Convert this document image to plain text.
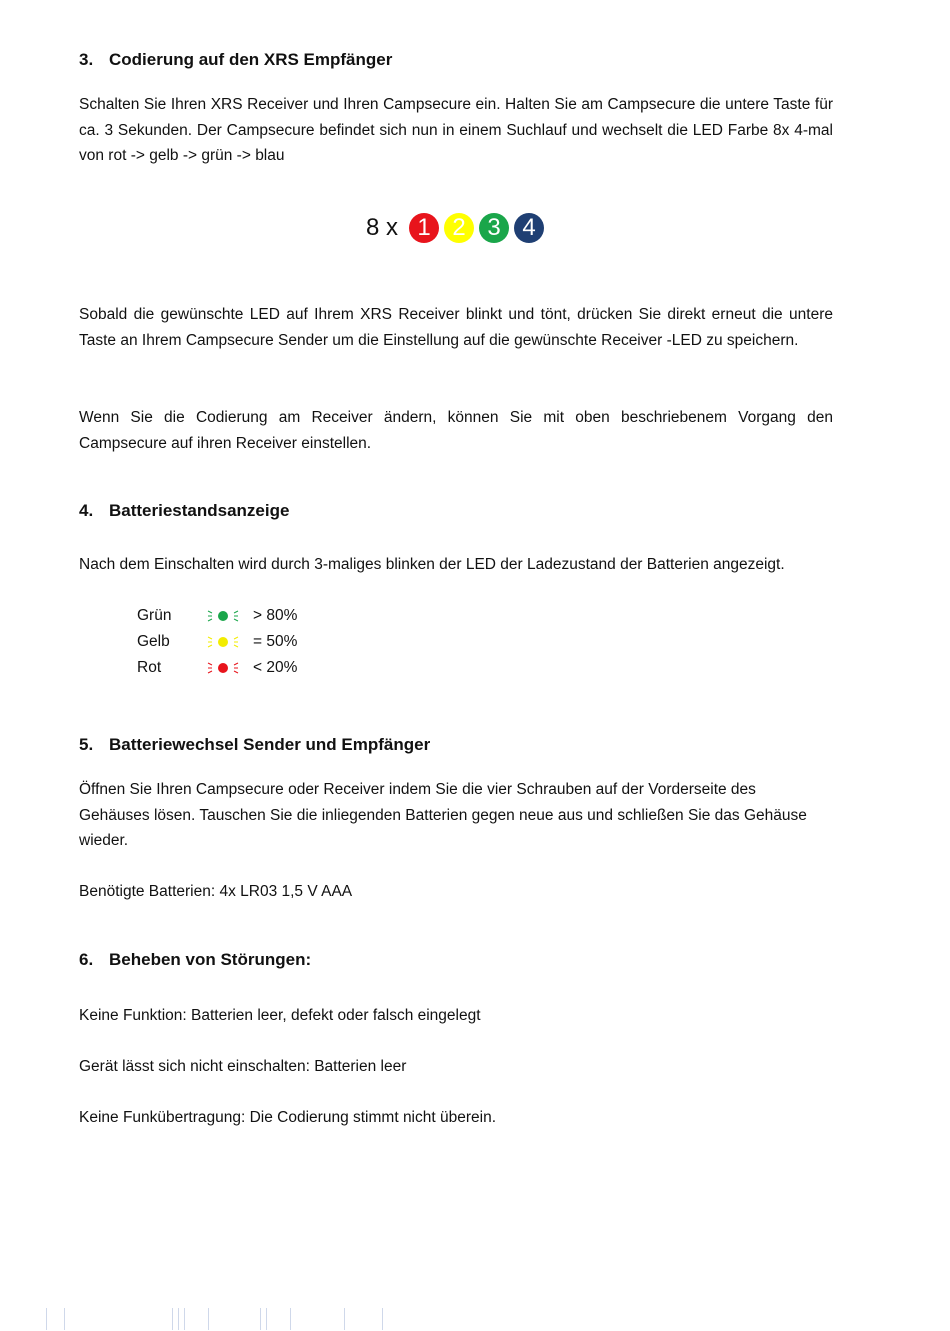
3. Codierung auf den XRS Empfänger
Schalten Sie Ihren XRS Receiver und Ihren Campsecure ein. Halten Sie am Campsecure die untere Taste für ca. 3 Sekunden. Der Campsecure befindet sich nun in einem Suchlauf und wechselt die LED Farbe 8x 4-mal von rot -> gelb -> grün -> blau
8 x 1 2 3 4
Sobald die gewünschte LED auf Ihrem XRS Receiver blinkt und tönt, drücken Sie direkt erneut die untere Taste an Ihrem Campsecure Sender um die Einstellung auf die gewünschte Receiver -LED zu speichern.
Wenn Sie die Codierung am Receiver ändern, können Sie mit oben beschriebenem Vorgang den Campsecure auf ihren Receiver einstellen.
4. Batteriestandsanzeige
Nach dem Einschalten wird durch 3-maliges blinken der LED der Ladezustand der Batterien angezeigt.
Grün	> 80%
Gelb	= 50%
Rot	< 20%
5. Batteriewechsel Sender und Empfänger
Öffnen Sie Ihren Campsecure oder Receiver indem Sie die vier Schrauben auf der Vorderseite des Gehäuses lösen. Tauschen Sie die inliegenden Batterien gegen neue aus und schließen Sie das Gehäuse wieder.
Benötigte Batterien: 4x LR03 1,5 V AAA
6. Beheben von Störungen:
Keine Funktion: Batterien leer, defekt oder falsch eingelegt
Gerät lässt sich nicht einschalten: Batterien leer
Keine Funkübertragung: Die Codierung stimmt nicht überein.
